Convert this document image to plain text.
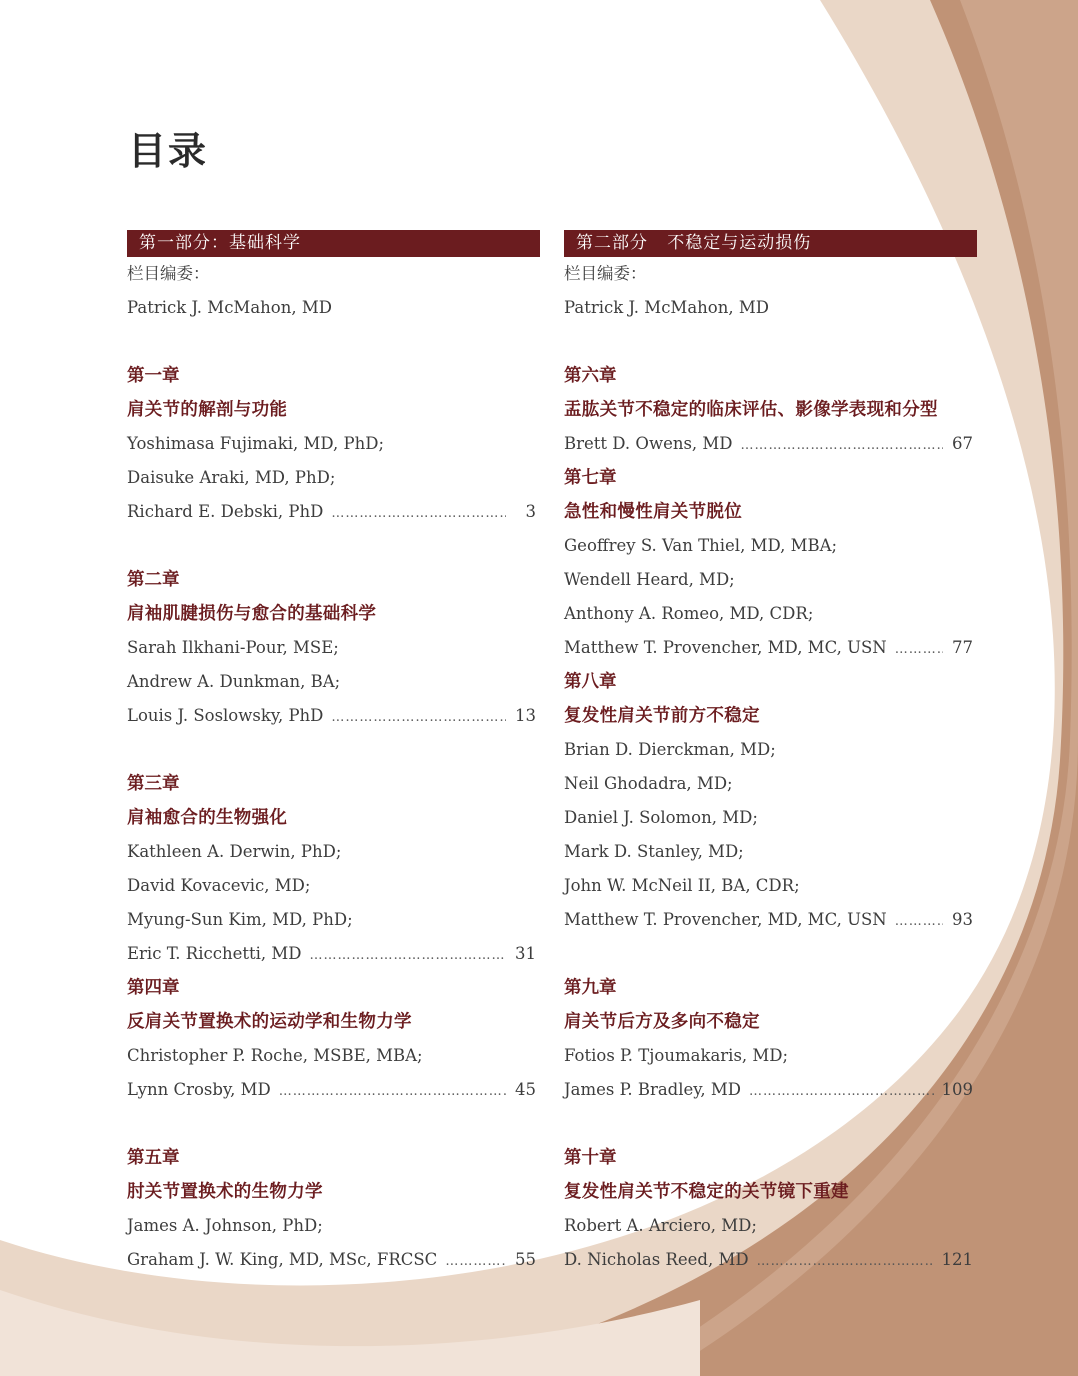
目录
第一部分：基础科学
栏目编委：
Patrick J. McMahon, MD
第一章
肩关节的解剖与功能
Yoshimasa Fujimaki, MD, PhD;
Daisuke Araki, MD, PhD;
Richard E. Debski, PhD ……………………………………………………………………………	3
第二章
肩袖肌腱损伤与愈合的基础科学
Sarah Ilkhani-Pour, MSE;
Andrew A. Dunkman, BA;
Louis J. Soslowsky, PhD ……………………………………………………………………………	13
第三章
肩袖愈合的生物强化
Kathleen A. Derwin, PhD;
David Kovacevic, MD;
Myung-Sun Kim, MD, PhD;
Eric T. Ricchetti, MD ……………………………………………………………………………	31
第四章
反肩关节置换术的运动学和生物力学
Christopher P. Roche, MSBE, MBA;
Lynn Crosby, MD ……………………………………………………………………………	45
第五章
肘关节置换术的生物力学
James A. Johnson, PhD;
Graham J. W. King, MD, MSc, FRCSC ……………………………………………………………………………	55
第二部分   不稳定与运动损伤
栏目编委：
Patrick J. McMahon, MD
第六章
盂肱关节不稳定的临床评估、影像学表现和分型
Brett D. Owens, MD ……………………………………………………………………………	67
第七章
急性和慢性肩关节脱位
Geoffrey S. Van Thiel, MD, MBA;
Wendell Heard, MD;
Anthony A. Romeo, MD, CDR;
Matthew T. Provencher, MD, MC, USN ……………………………………………………………………………	77
第八章
复发性肩关节前方不稳定
Brian D. Dierckman, MD;
Neil Ghodadra, MD;
Daniel J. Solomon, MD;
Mark D. Stanley, MD;
John W. McNeil II, BA, CDR;
Matthew T. Provencher, MD, MC, USN ……………………………………………………………………………	93
第九章
肩关节后方及多向不稳定
Fotios P. Tjoumakaris, MD;
James P. Bradley, MD ……………………………………………………………………………	109
第十章
复发性肩关节不稳定的关节镜下重建
Robert A. Arciero, MD;
D. Nicholas Reed, MD ……………………………………………………………………………	121
